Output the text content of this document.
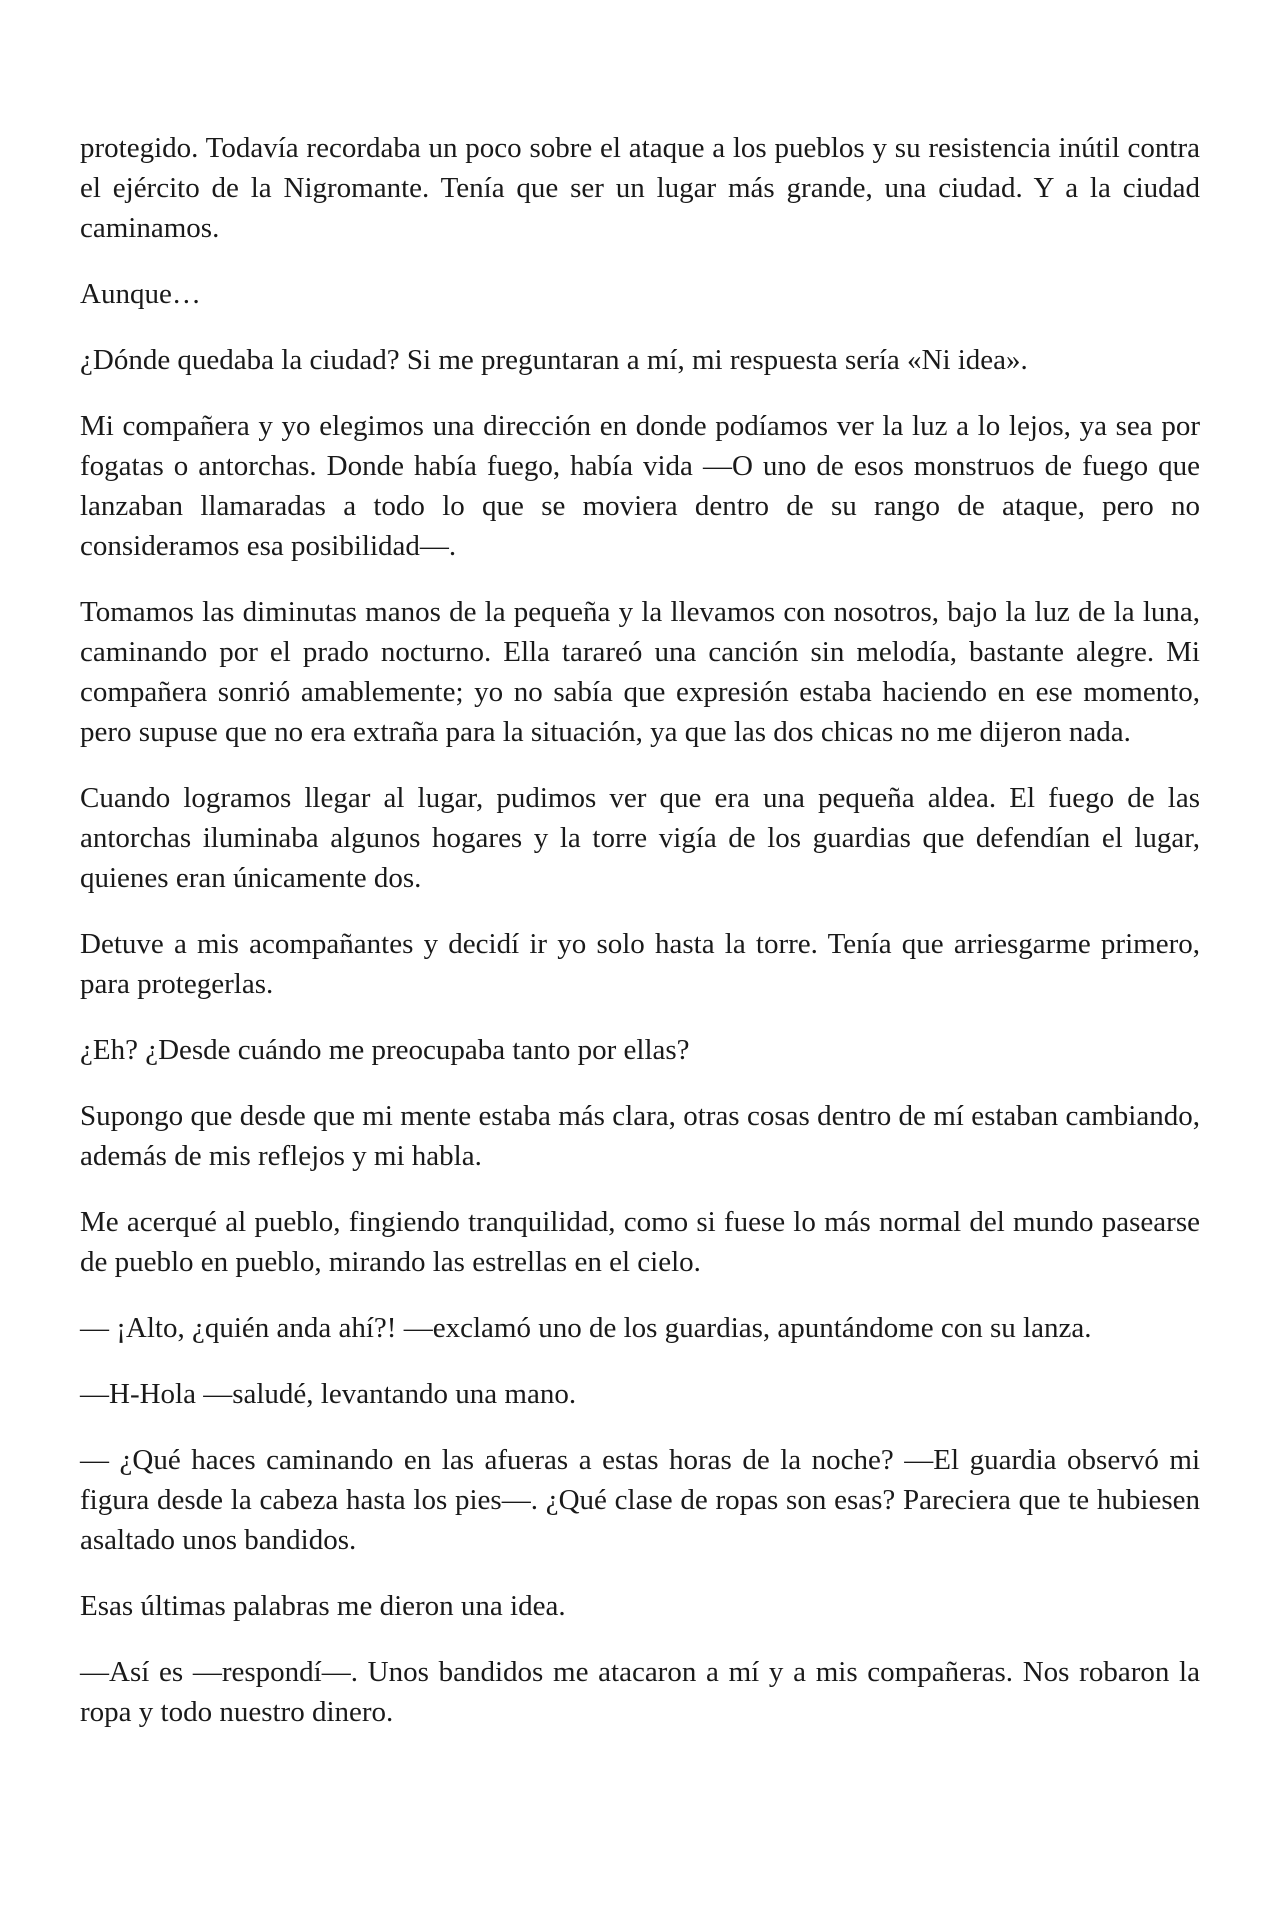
protegido. Todavía recordaba un poco sobre el ataque a los pueblos y su resistencia inútil contra el ejército de la Nigromante. Tenía que ser un lugar más grande, una ciudad. Y a la ciudad caminamos.

Aunque…

¿Dónde quedaba la ciudad? Si me preguntaran a mí, mi respuesta sería «Ni idea».

Mi compañera y yo elegimos una dirección en donde podíamos ver la luz a lo lejos, ya sea por fogatas o antorchas. Donde había fuego, había vida —O uno de esos monstruos de fuego que lanzaban llamaradas a todo lo que se moviera dentro de su rango de ataque, pero no consideramos esa posibilidad—.

Tomamos las diminutas manos de la pequeña y la llevamos con nosotros, bajo la luz de la luna, caminando por el prado nocturno. Ella tarareó una canción sin melodía, bastante alegre. Mi compañera sonrió amablemente; yo no sabía que expresión estaba haciendo en ese momento, pero supuse que no era extraña para la situación, ya que las dos chicas no me dijeron nada.

Cuando logramos llegar al lugar, pudimos ver que era una pequeña aldea. El fuego de las antorchas iluminaba algunos hogares y la torre vigía de los guardias que defendían el lugar, quienes eran únicamente dos.

Detuve a mis acompañantes y decidí ir yo solo hasta la torre. Tenía que arriesgarme primero, para protegerlas.

¿Eh? ¿Desde cuándo me preocupaba tanto por ellas?

Supongo que desde que mi mente estaba más clara, otras cosas dentro de mí estaban cambiando, además de mis reflejos y mi habla.

Me acerqué al pueblo, fingiendo tranquilidad, como si fuese lo más normal del mundo pasearse de pueblo en pueblo, mirando las estrellas en el cielo.

— ¡Alto, ¿quién anda ahí?! —exclamó uno de los guardias, apuntándome con su lanza.

—H-Hola —saludé, levantando una mano.

— ¿Qué haces caminando en las afueras a estas horas de la noche? —El guardia observó mi figura desde la cabeza hasta los pies—. ¿Qué clase de ropas son esas? Pareciera que te hubiesen asaltado unos bandidos.

Esas últimas palabras me dieron una idea.

—Así es —respondí—. Unos bandidos me atacaron a mí y a mis compañeras. Nos robaron la ropa y todo nuestro dinero.
